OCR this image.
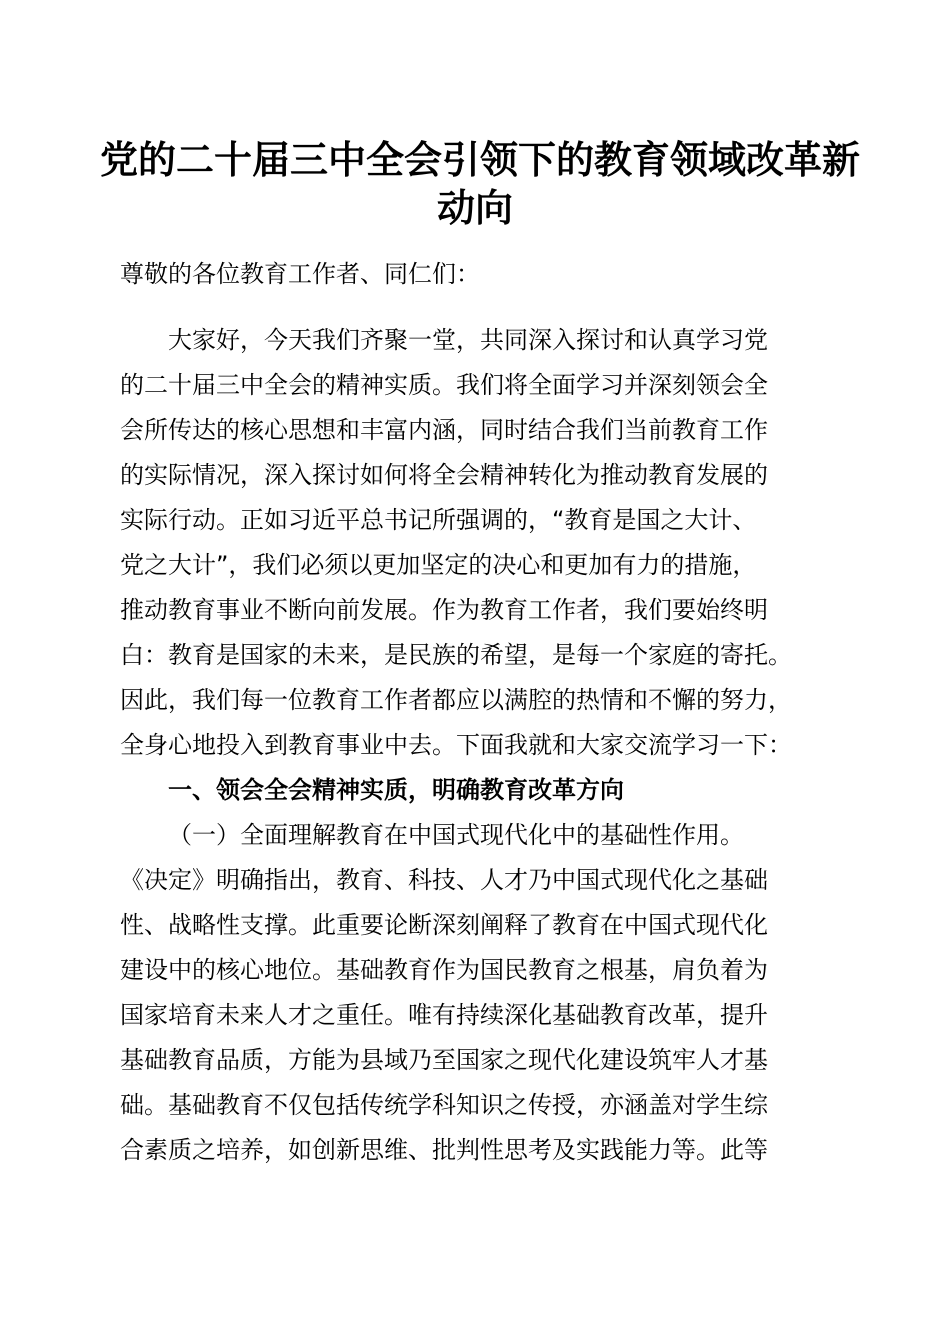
党的二十届三中全会引领下的教育领域改革新
动向
尊敬的各位教育工作者、同仁们：
大家好，今天我们齐聚一堂，共同深入探讨和认真学习党
的二十届三中全会的精神实质。我们将全面学习并深刻领会全
会所传达的核心思想和丰富内涵，同时结合我们当前教育工作
的实际情况，深入探讨如何将全会精神转化为推动教育发展的
实际行动。正如习近平总书记所强调的，“教育是国之大计、
党之大计”，我们必须以更加坚定的决心和更加有力的措施，
推动教育事业不断向前发展。作为教育工作者，我们要始终明
白：教育是国家的未来，是民族的希望，是每一个家庭的寄托。
因此，我们每一位教育工作者都应以满腔的热情和不懈的努力，
全身心地投入到教育事业中去。下面我就和大家交流学习一下：
一、领会全会精神实质，明确教育改革方向
（一）全面理解教育在中国式现代化中的基础性作用。
《决定》明确指出，教育、科技、人才乃中国式现代化之基础
性、战略性支撑。此重要论断深刻阐释了教育在中国式现代化
建设中的核心地位。基础教育作为国民教育之根基，肩负着为
国家培育未来人才之重任。唯有持续深化基础教育改革，提升
基础教育品质，方能为县域乃至国家之现代化建设筑牢人才基
础。基础教育不仅包括传统学科知识之传授，亦涵盖对学生综
合素质之培养，如创新思维、批判性思考及实践能力等。此等
